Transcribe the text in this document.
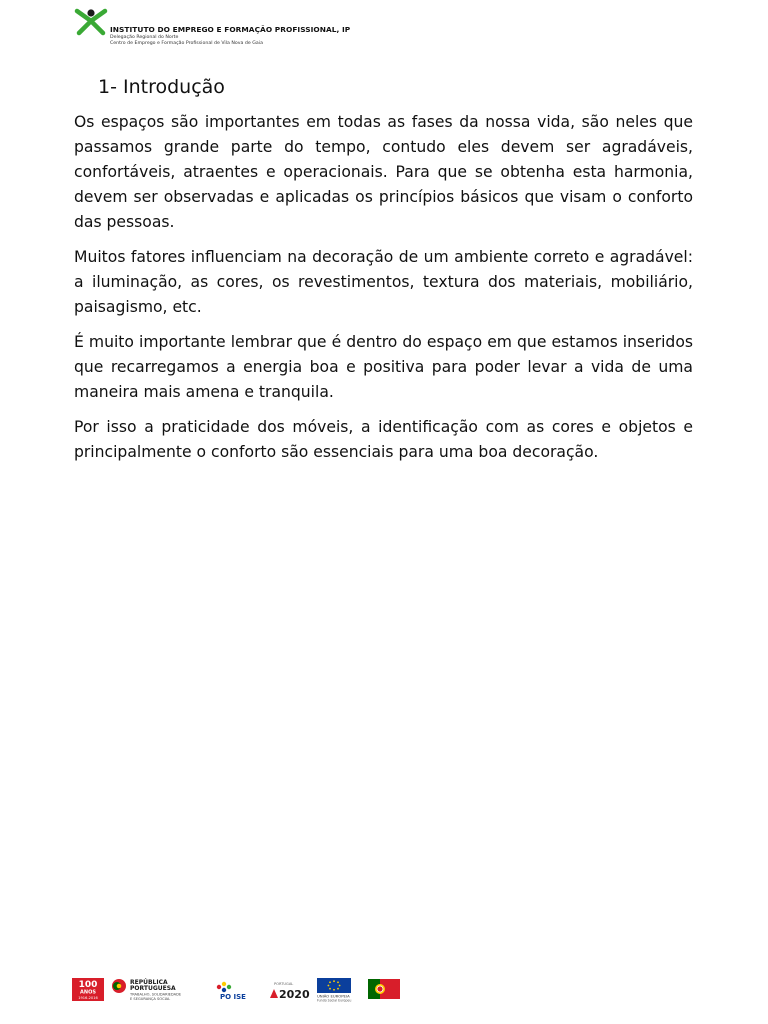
INSTITUTO DO EMPREGO E FORMAÇÃO PROFISSIONAL, IP
Delegação Regional do Norte
Centro de Emprego e Formação Profissional de Vila Nova de Gaia
1- Introdução

Os espaços são importantes em todas as fases da nossa vida, são neles que passamos grande parte do tempo, contudo eles devem ser agradáveis, confortáveis, atraentes e operacionais. Para que se obtenha esta harmonia, devem ser observadas e aplicadas os princípios básicos que visam o conforto das pessoas.

Muitos fatores influenciam na decoração de um ambiente correto e agradável: a iluminação, as cores, os revestimentos, textura dos materiais, mobiliário, paisagismo, etc.

É muito importante lembrar que é dentro do espaço em que estamos inseridos que recarregamos a energia boa e positiva para poder levar a vida de uma maneira mais amena e tranquila.

Por isso a praticidade dos móveis, a identificação com as cores e objetos e principalmente o conforto são essenciais para uma boa decoração.

100
ANOS
1916-2016
REPÚBLICA
PORTUGUESA
TRABALHO, SOLIDARIEDADE
E SEGURANÇA SOCIAL	PO ISE
PORTUGAL
2020 UNIÃO EUROPEIA
Fundo Social Europeu
